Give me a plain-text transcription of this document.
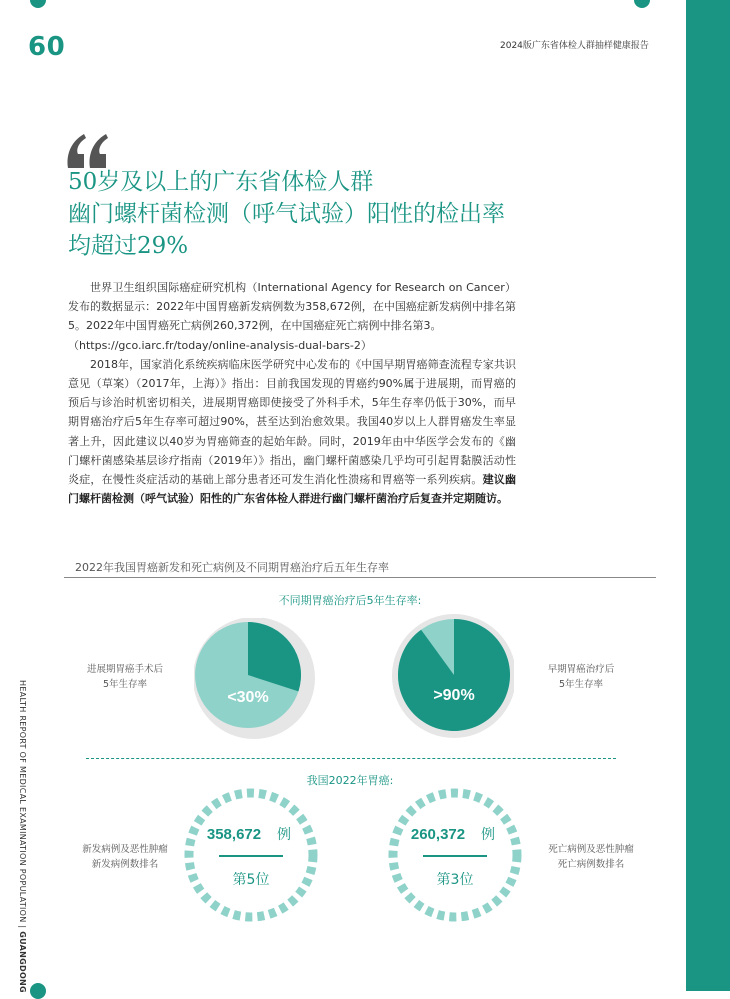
60	2024版广东省体检人群抽样健康报告
50岁及以上的广东省体检人群
幽门螺杆菌检测（呼气试验）阳性的检出率
均超过29%

世界卫生组织国际癌症研究机构（International Agency for Research on Cancer）发布的数据显示：2022年中国胃癌新发病例数为358,672例，在中国癌症新发病例中排名第5。2022年中国胃癌死亡病例260,372例，在中国癌症死亡病例中排名第3。

（https://gco.iarc.fr/today/online-analysis-dual-bars-2）

2018年，国家消化系统疾病临床医学研究中心发布的《中国早期胃癌筛查流程专家共识意见（草案）（2017年，上海）》指出：目前我国发现的胃癌约90%属于进展期，而胃癌的预后与诊治时机密切相关，进展期胃癌即使接受了外科手术，5年生存率仍低于30%，而早期胃癌治疗后5年生存率可超过90%，甚至达到治愈效果。我国40岁以上人群胃癌发生率显著上升，因此建议以40岁为胃癌筛查的起始年龄。同时，2019年由中华医学会发布的《幽门螺杆菌感染基层诊疗指南（2019年）》指出，幽门螺杆菌感染几乎均可引起胃黏膜活动性炎症，在慢性炎症活动的基础上部分患者还可发生消化性溃疡和胃癌等一系列疾病。建议幽门螺杆菌检测（呼气试验）阳性的广东省体检人群进行幽门螺杆菌治疗后复查并定期随访。

2022年我国胃癌新发和死亡病例及不同期胃癌治疗后五年生存率
不同期胃癌治疗后5年生存率:
进展期胃癌手术后
5年生存率
早期胃癌治疗后
5年生存率
<30%	>90%
我国2022年胃癌:
新发病例及恶性肿瘤
新发病例数排名
死亡病例及恶性肿瘤
死亡病例数排名
358,672 例
第5位
260,372 例
第3位
HEALTH REPORT OF MEDICAL EXAMINATION POPULATION | GUANGDONG
